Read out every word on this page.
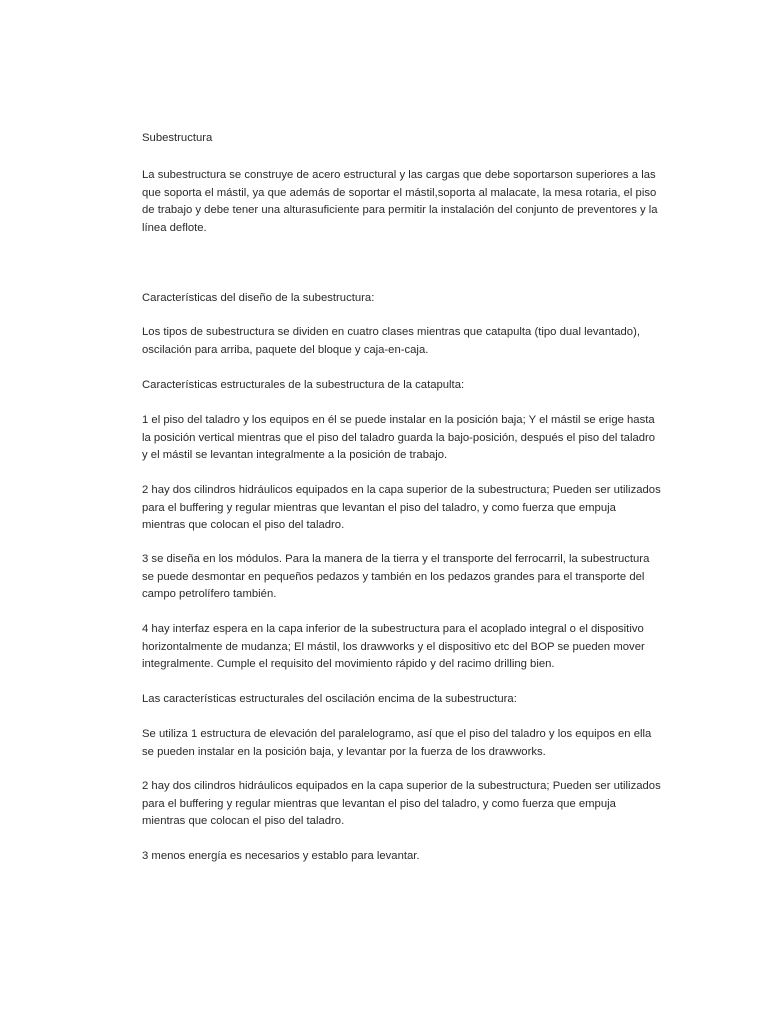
Subestructura

La subestructura se construye de acero estructural y las cargas que debe soportarson superiores a las que soporta el mástil, ya que además de soportar el mástil,soporta al malacate, la mesa rotaria, el piso de trabajo y debe tener una alturasuficiente para permitir la instalación del conjunto de preventores y la línea deflote.

Características del diseño de la subestructura:

Los tipos de subestructura se dividen en cuatro clases mientras que catapulta (tipo dual levantado), oscilación para arriba, paquete del bloque y caja-en-caja.

Características estructurales de la subestructura de la catapulta:

1 el piso del taladro y los equipos en él se puede instalar en la posición baja; Y el mástil se erige hasta la posición vertical mientras que el piso del taladro guarda la bajo-posición, después el piso del taladro y el mástil se levantan integralmente a la posición de trabajo.

2 hay dos cilindros hidráulicos equipados en la capa superior de la subestructura; Pueden ser utilizados para el buffering y regular mientras que levantan el piso del taladro, y como fuerza que empuja mientras que colocan el piso del taladro.

3 se diseña en los módulos. Para la manera de la tierra y el transporte del ferrocarril, la subestructura se puede desmontar en pequeños pedazos y también en los pedazos grandes para el transporte del campo petrolífero también.

4 hay interfaz espera en la capa inferior de la subestructura para el acoplado integral o el dispositivo horizontalmente de mudanza; El mástil, los drawworks y el dispositivo etc del BOP se pueden mover integralmente. Cumple el requisito del movimiento rápido y del racimo drilling bien.

Las características estructurales del oscilación encima de la subestructura:

Se utiliza 1 estructura de elevación del paralelogramo, así que el piso del taladro y los equipos en ella se pueden instalar en la posición baja, y levantar por la fuerza de los drawworks.

2 hay dos cilindros hidráulicos equipados en la capa superior de la subestructura; Pueden ser utilizados para el buffering y regular mientras que levantan el piso del taladro, y como fuerza que empuja mientras que colocan el piso del taladro.

3 menos energía es necesarios y establo para levantar.
